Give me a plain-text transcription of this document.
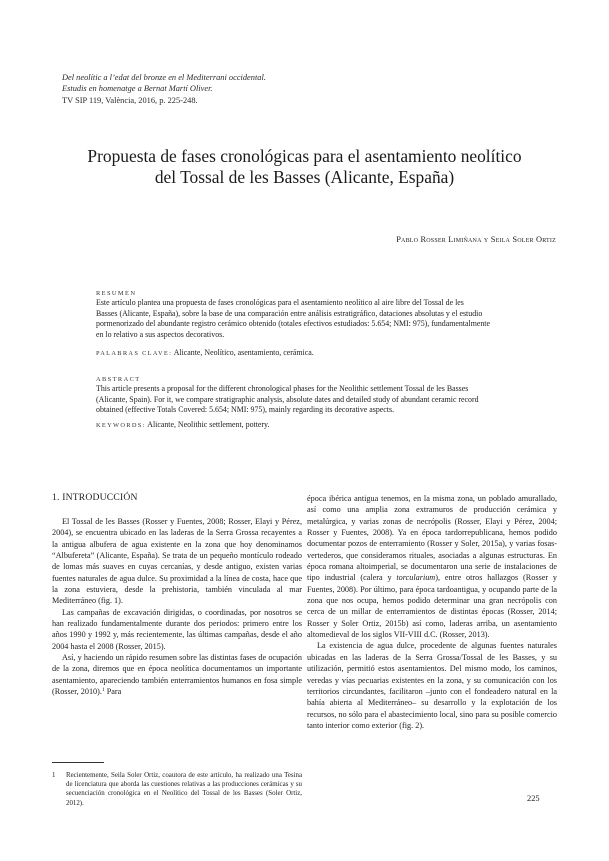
Del neolític a l’edat del bronze en el Mediterrani occidental.
Estudis en homenatge a Bernat Martí Oliver.
TV SIP 119, València, 2016, p. 225-248.
Propuesta de fases cronológicas para el asentamiento neolítico
del Tossal de les Basses (Alicante, España)
Pablo Rosser Limiñana y Seila Soler Ortiz
RESUMEN
Este artículo plantea una propuesta de fases cronológicas para el asentamiento neolítico al aire libre del Tossal de les
Basses (Alicante, España), sobre la base de una comparación entre análisis estratigráfico, dataciones absolutas y el estudio
pormenorizado del abundante registro cerámico obtenido (totales efectivos estudiados: 5.654; NMI: 975), fundamentalmente
en lo relativo a sus aspectos decorativos.
PALABRAS CLAVE: Alicante, Neolítico, asentamiento, cerámica.
ABSTRACT
This article presents a proposal for the different chronological phases for the Neolithic settlement Tossal de les Basses
(Alicante, Spain). For it, we compare stratigraphic analysis, absolute dates and detailed study of abundant ceramic record
obtained (effective Totals Covered: 5.654; NMI: 975), mainly regarding its decorative aspects.
KEYWORDS: Alicante, Neolithic settlement, pottery.
1. INTRODUCCIÓN

El Tossal de les Basses (Rosser y Fuentes, 2008; Rosser, Elayi y Pérez, 2004), se encuentra ubicado en las laderas de la Serra Grossa recayentes a la antigua albufera de agua existente en la zona que hoy denominamos “Albufereta” (Alicante, España). Se trata de un pequeño montículo rodeado de lomas más suaves en cuyas cercanías, y desde antiguo, existen varias fuentes naturales de agua dulce. Su proximidad a la línea de costa, hace que la zona estuviera, desde la prehistoria, también vinculada al mar Mediterráneo (fig. 1).

Las campañas de excavación dirigidas, o coordinadas, por nosotros se han realizado fundamentalmente durante dos periodos: primero entre los años 1990 y 1992 y, más recientemente, las últimas campañas, desde el año 2004 hasta el 2008 (Rosser, 2015).

Así, y haciendo un rápido resumen sobre las distintas fases de ocupación de la zona, diremos que en época neolítica documentamos un importante asentamiento, apareciendo también enterramientos humanos en fosa simple (Rosser, 2010).$^1$ Para

época ibérica antigua tenemos, en la misma zona, un poblado amurallado, así como una amplia zona extramuros de producción cerámica y metalúrgica, y varias zonas de necrópolis (Rosser, Elayi y Pérez, 2004; Rosser y Fuentes, 2008). Ya en época tardorrepublicana, hemos podido documentar pozos de enterramiento (Rosser y Soler, 2015a), y varias fosas-vertederos, que consideramos rituales, asociadas a algunas estructuras. En época romana altoimperial, se documentaron una serie de instalaciones de tipo industrial (calera y torcularium), entre otros hallazgos (Rosser y Fuentes, 2008). Por último, para época tardoantigua, y ocupando parte de la zona que nos ocupa, hemos podido determinar una gran necrópolis con cerca de un millar de enterramientos de distintas épocas (Rosser, 2014; Rosser y Soler Ortiz, 2015b) así como, laderas arriba, un asentamiento altomedieval de los siglos VII-VIII d.C. (Rosser, 2013).

La existencia de agua dulce, procedente de algunas fuentes naturales ubicadas en las laderas de la Serra Grossa/Tossal de les Basses, y su utilización, permitió estos asentamientos. Del mismo modo, los caminos, veredas y vías pecuarias existentes en la zona, y su comunicación con los territorios circundantes, facilitaron –junto con el fondeadero natural en la bahía abierta al Mediterráneo– su desarrollo y la explotación de los recursos, no sólo para el abastecimiento local, sino para su posible comercio tanto interior como exterior (fig. 2).

1	Recientemente, Seila Soler Ortiz, coautora de este artículo, ha realizado una Tesina de licenciatura que aborda las cuestiones relativas a las producciones cerámicas y su secuenciación cronológica en el Neolítico del Tossal de les Basses (Soler Ortiz, 2012).
225
